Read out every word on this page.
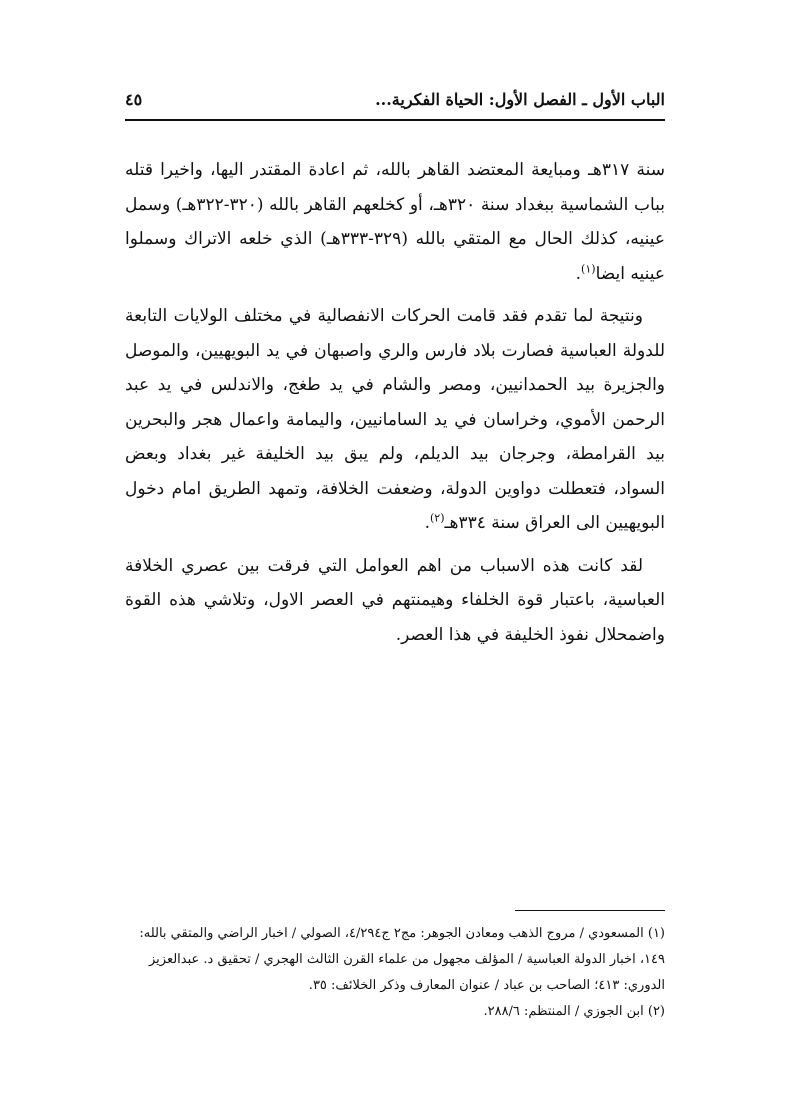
الباب الأول ـ الفصل الأول: الحياة الفكرية...
٤٥

سنة ٣١٧هـ ومبايعة المعتضد القاهر بالله، ثم اعادة المقتدر اليها، واخيرا قتله بباب الشماسية ببغداد سنة ٣٢٠هـ، أو كخلعهم القاهر بالله (٣٢٠-٣٢٢هـ) وسمل عينيه، كذلك الحال مع المتقي بالله (٣٢٩-٣٣٣هـ) الذي خلعه الاتراك وسملوا عينيه ايضا$^{(١)}$.

ونتيجة لما تقدم فقد قامت الحركات الانفصالية في مختلف الولايات التابعة للدولة العباسية فصارت بلاد فارس والري واصبهان في يد البويهيين، والموصل والجزيرة بيد الحمدانيين، ومصر والشام في يد طغج، والاندلس في يد عبد الرحمن الأموي، وخراسان في يد السامانيين، واليمامة واعمال هجر والبحرين بيد القرامطة، وجرجان بيد الديلم، ولم يبق بيد الخليفة غير بغداد وبعض السواد، فتعطلت دواوين الدولة، وضعفت الخلافة، وتمهد الطريق امام دخول البويهيين الى العراق سنة ٣٣٤هـ$^{(٢)}$.

لقد كانت هذه الاسباب من اهم العوامل التي فرقت بين عصري الخلافة العباسية، باعتبار قوة الخلفاء وهيمنتهم في العصر الاول، وتلاشي هذه القوة واضمحلال نفوذ الخليفة في هذا العصر.

(١) المسعودي / مروج الذهب ومعادن الجوهر: مج٢ ج٤/٢٩٤، الصولي / اخبار الراضي والمتقي بالله: ١٤٩، اخبار الدولة العباسية / المؤلف مجهول من علماء القرن الثالث الهجري / تحقيق د. عبدالعزيز الدوري: ٤١٣؛ الصاحب بن عباد / عنوان المعارف وذكر الخلائف: ٣٥.

(٢) ابن الجوزي / المنتظم: ٢٨٨/٦.
